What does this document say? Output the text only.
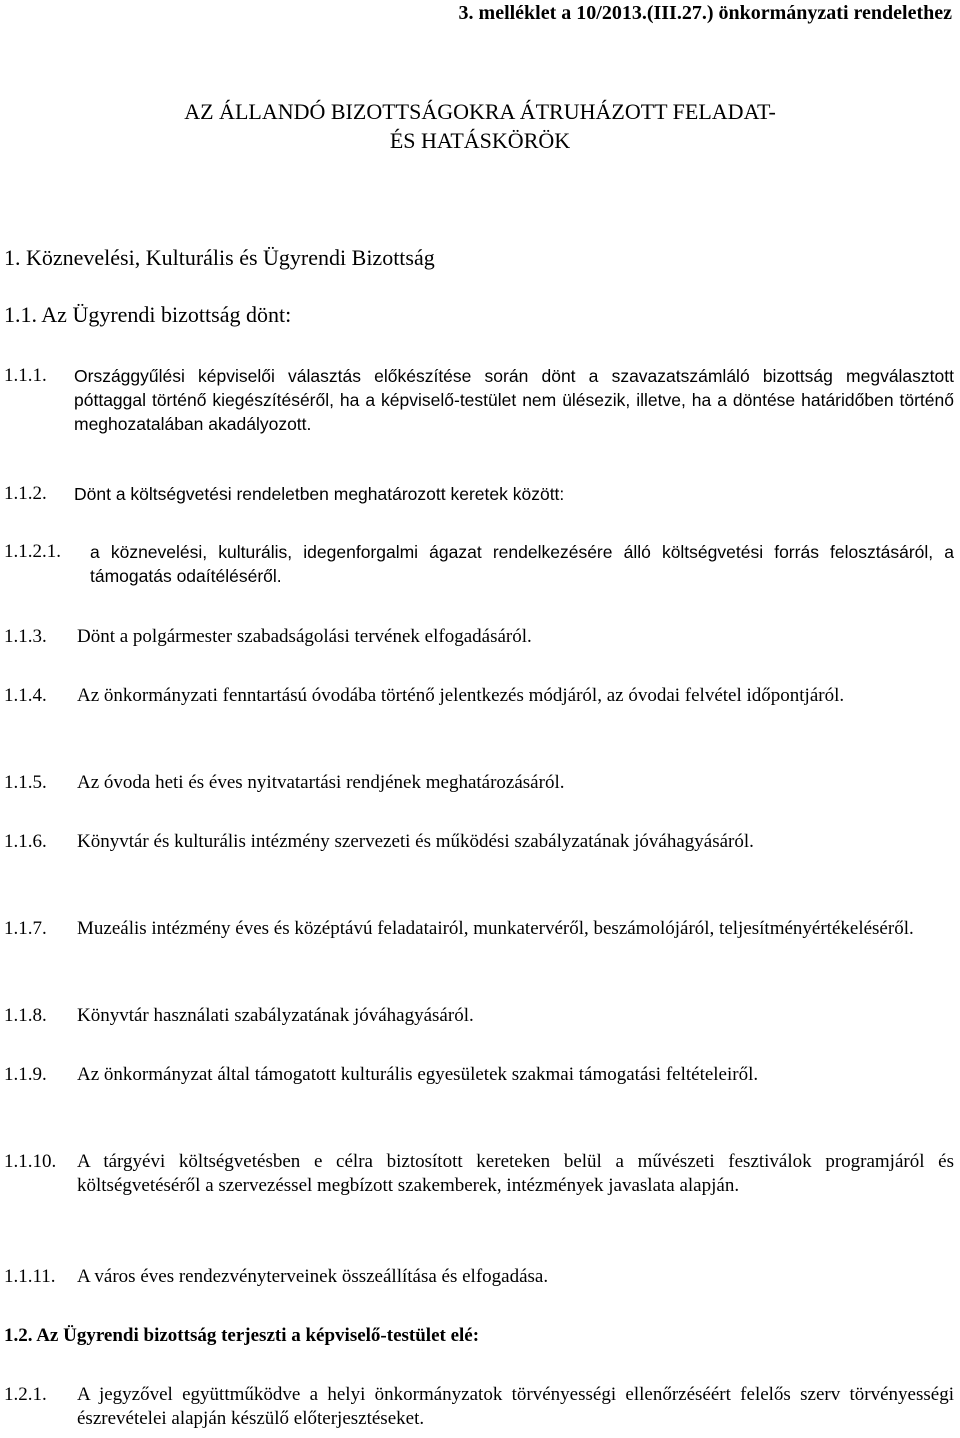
3. melléklet a 10/2013.(III.27.) önkormányzati rendelethez
AZ ÁLLANDÓ BIZOTTSÁGOKRA ÁTRUHÁZOTT FELADAT-
ÉS HATÁSKÖRÖK
1. Köznevelési, Kulturális és Ügyrendi Bizottság
1.1. Az Ügyrendi bizottság dönt:
1.1.1. Országgyűlési képviselői választás előkészítése során dönt a szavazatszámláló bizottság megválasztott póttaggal történő kiegészítéséről, ha a képviselő-testület nem ülésezik, illetve, ha a döntése határidőben történő meghozatalában akadályozott.
1.1.2. Dönt a költségvetési rendeletben meghatározott keretek között:
1.1.2.1. a köznevelési, kulturális, idegenforgalmi ágazat rendelkezésére álló költségvetési forrás felosztásáról, a támogatás odaítéléséről.
1.1.3. Dönt a polgármester szabadságolási tervének elfogadásáról.
1.1.4. Az önkormányzati fenntartású óvodába történő jelentkezés módjáról, az óvodai felvétel időpontjáról.
1.1.5. Az óvoda heti és éves nyitvatartási rendjének meghatározásáról.
1.1.6. Könyvtár és kulturális intézmény szervezeti és működési szabályzatának jóváhagyásáról.
1.1.7. Muzeális intézmény éves és középtávú feladatairól, munkatervéről, beszámolójáról, teljesítményértékeléséről.
1.1.8. Könyvtár használati szabályzatának jóváhagyásáról.
1.1.9. Az önkormányzat által támogatott kulturális egyesületek szakmai támogatási feltételeiről.
1.1.10. A tárgyévi költségvetésben e célra biztosított kereteken belül a művészeti fesztiválok programjáról és költségvetéséről a szervezéssel megbízott szakemberek, intézmények javaslata alapján.
1.1.11. A város éves rendezvényterveinek összeállítása és elfogadása.
1.2. Az Ügyrendi bizottság terjeszti a képviselő-testület elé:
1.2.1. A jegyzővel együttműködve a helyi önkormányzatok törvényességi ellenőrzéséért felelős szerv törvényességi észrevételei alapján készülő előterjesztéseket.
